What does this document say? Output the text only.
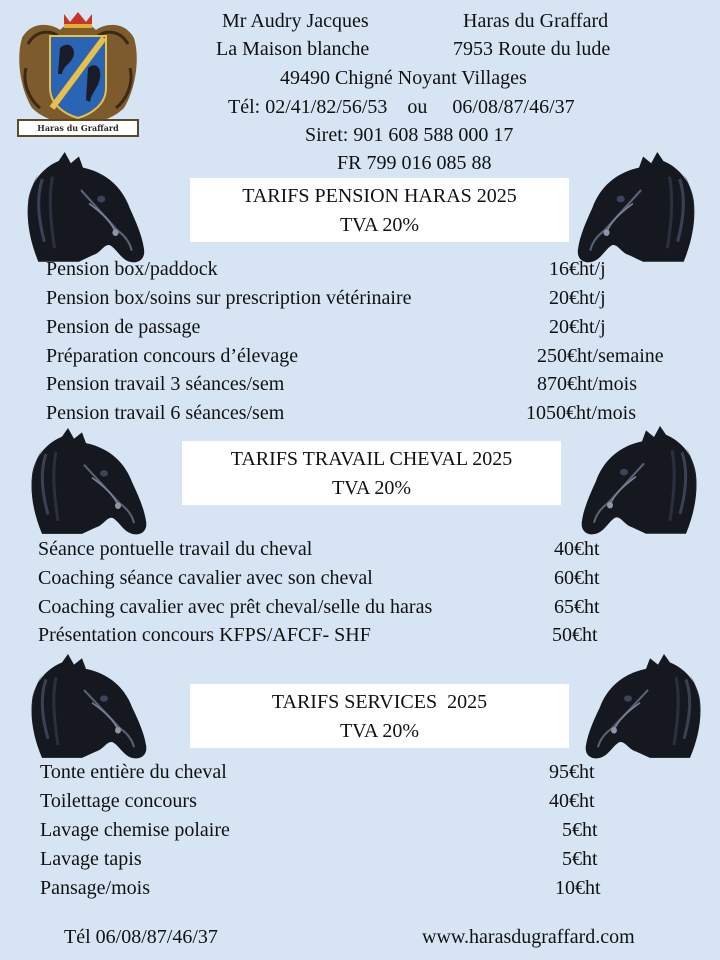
Haras du Graffard
Mr Audry Jacques	Haras du Graffard
La Maison blanche	7953 Route du lude
49490 Chigné Noyant Villages
Tél: 02/41/82/56/53    ou     06/08/87/46/37
Siret: 901 608 588 000 17
FR 799 016 085 88
TARIFS PENSION HARAS 2025
TVA 20%
Pension box/paddock	16€ht/j
Pension box/soins sur prescription vétérinaire	20€ht/j
Pension de passage	20€ht/j
Préparation concours d’élevage	250€ht/semaine
Pension travail 3 séances/sem	870€ht/mois
Pension travail 6 séances/sem	1050€ht/mois
TARIFS TRAVAIL CHEVAL 2025
TVA 20%
Séance pontuelle travail du cheval	40€ht
Coaching séance cavalier avec son cheval	60€ht
Coaching cavalier avec prêt cheval/selle du haras	65€ht
Présentation concours KFPS/AFCF- SHF	50€ht
TARIFS SERVICES  2025
TVA 20%
Tonte entière du cheval	95€ht
Toilettage concours	40€ht
Lavage chemise polaire	5€ht
Lavage tapis	5€ht
Pansage/mois	10€ht
Tél 06/08/87/46/37	www.harasdugraffard.com
